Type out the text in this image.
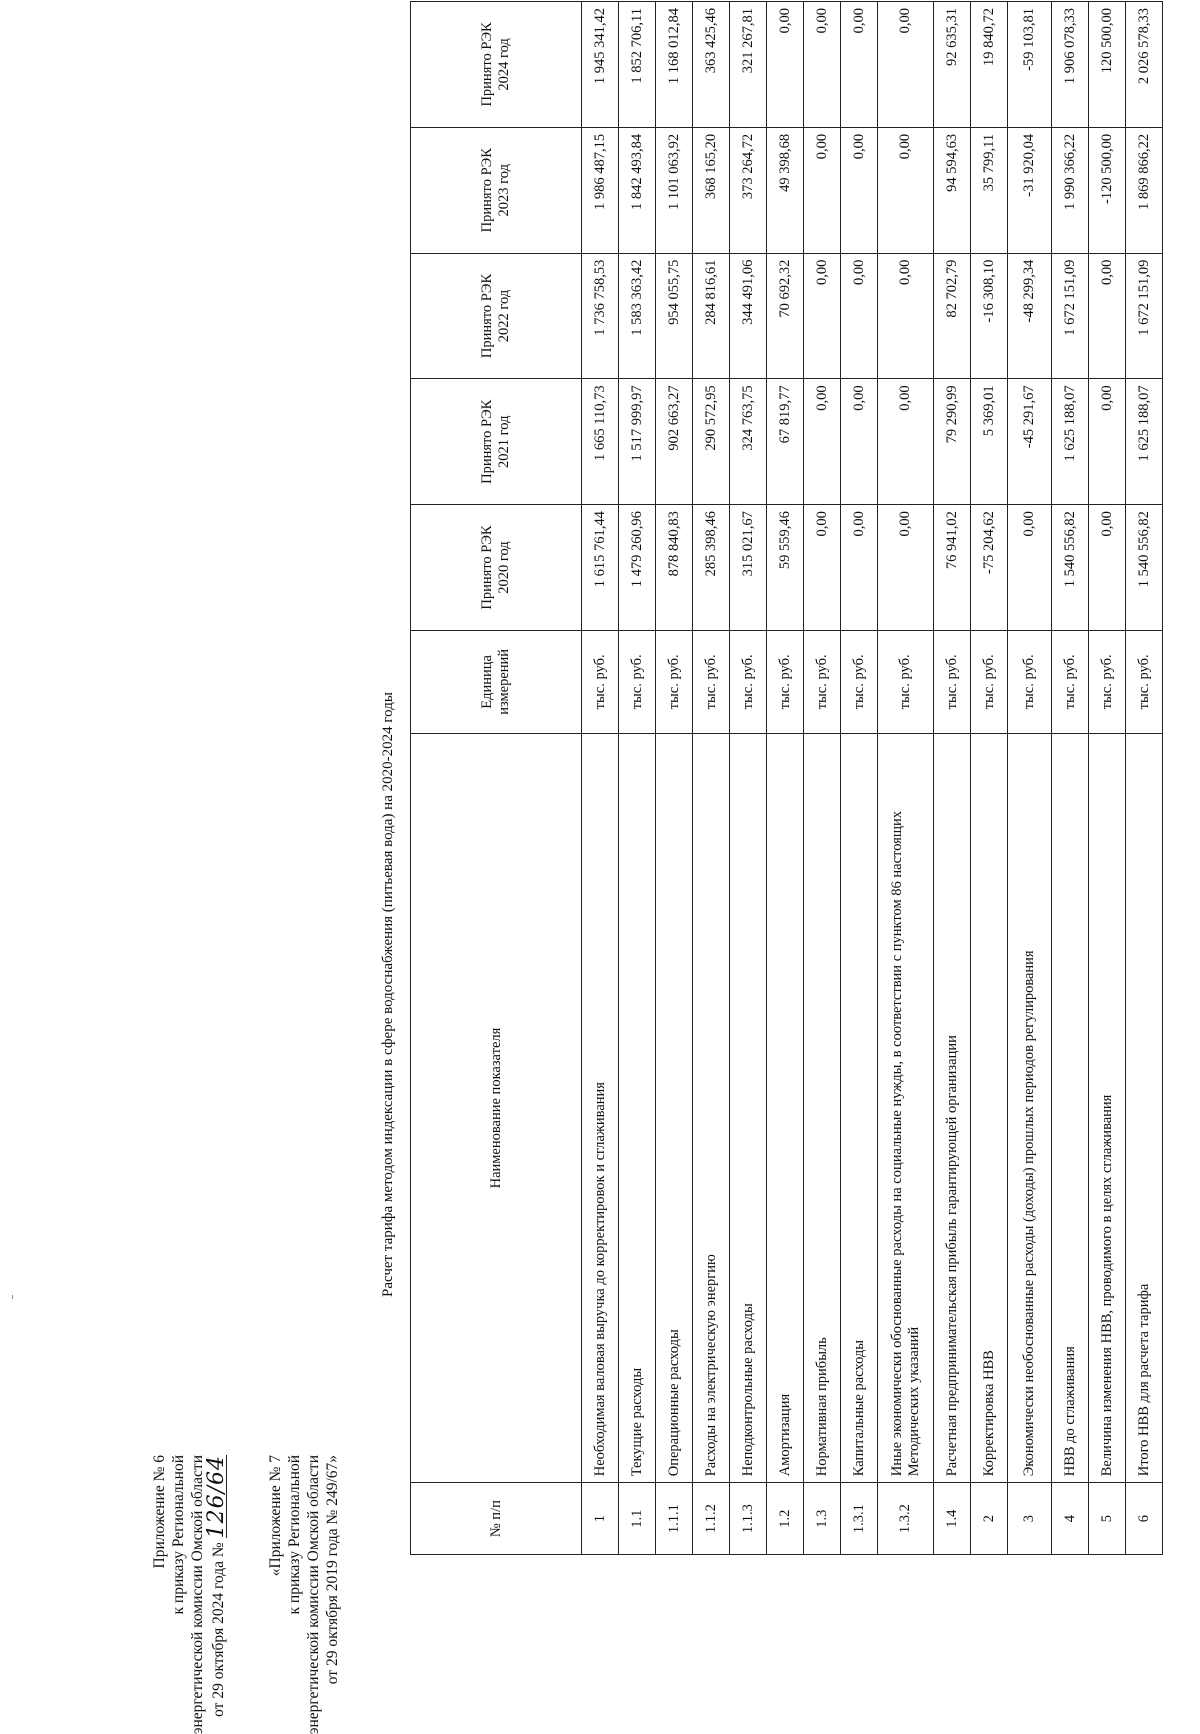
Приложение № 6 к приказу Региональной энергетической комиссии Омской области от 29 октября 2024 года № 126/64 «Приложение № 7 к приказу Региональной энергетической комиссии Омской области от 29 октября 2019 года № 249/67»
Расчет тарифа методом индексации в сфере водоснабжения (питьевая вода) на 2020-2024 годы
№ п/п	Наименование показателя	Единица измерений	Принято РЭК 2020 год	Принято РЭК 2021 год	Принято РЭК 2022 год	Принято РЭК 2023 год	Принято РЭК 2024 год
1	Необходимая валовая выручка до корректировок и сглаживания	тыс. руб.	1 615 761,44	1 665 110,73	1 736 758,53	1 986 487,15	1 945 341,42
1.1	Текущие расходы	тыс. руб.	1 479 260,96	1 517 999,97	1 583 363,42	1 842 493,84	1 852 706,11
1.1.1	Операционные расходы	тыс. руб.	878 840,83	902 663,27	954 055,75	1 101 063,92	1 168 012,84
1.1.2	Расходы на электрическую энергию	тыс. руб.	285 398,46	290 572,95	284 816,61	368 165,20	363 425,46
1.1.3	Неподконтрольные расходы	тыс. руб.	315 021,67	324 763,75	344 491,06	373 264,72	321 267,81
1.2	Амортизация	тыс. руб.	59 559,46	67 819,77	70 692,32	49 398,68	0,00
1.3	Нормативная прибыль	тыс. руб.	0,00	0,00	0,00	0,00	0,00
1.3.1	Капитальные расходы	тыс. руб.	0,00	0,00	0,00	0,00	0,00
1.3.2	Иные экономически обоснованные расходы на социальные нужды, в соответствии с пунктом 86 настоящих Методических указаний	тыс. руб.	0,00	0,00	0,00	0,00	0,00
1.4	Расчетная предпринимательская прибыль гарантирующей организации	тыс. руб.	76 941,02	79 290,99	82 702,79	94 594,63	92 635,31
2	Корректировка НВВ	тыс. руб.	-75 204,62	5 369,01	-16 308,10	35 799,11	19 840,72
3	Экономически необоснованные расходы (доходы) прошлых периодов регулирования	тыс. руб.	0,00	-45 291,67	-48 299,34	-31 920,04	-59 103,81
4	НВВ до сглаживания	тыс. руб.	1 540 556,82	1 625 188,07	1 672 151,09	1 990 366,22	1 906 078,33
5	Величина изменения НВВ, проводимого в целях сглаживания	тыс. руб.	0,00	0,00	0,00	-120 500,00	120 500,00
6	Итого НВВ для расчета тарифа	тыс. руб.	1 540 556,82	1 625 188,07	1 672 151,09	1 869 866,22	2 026 578,33
